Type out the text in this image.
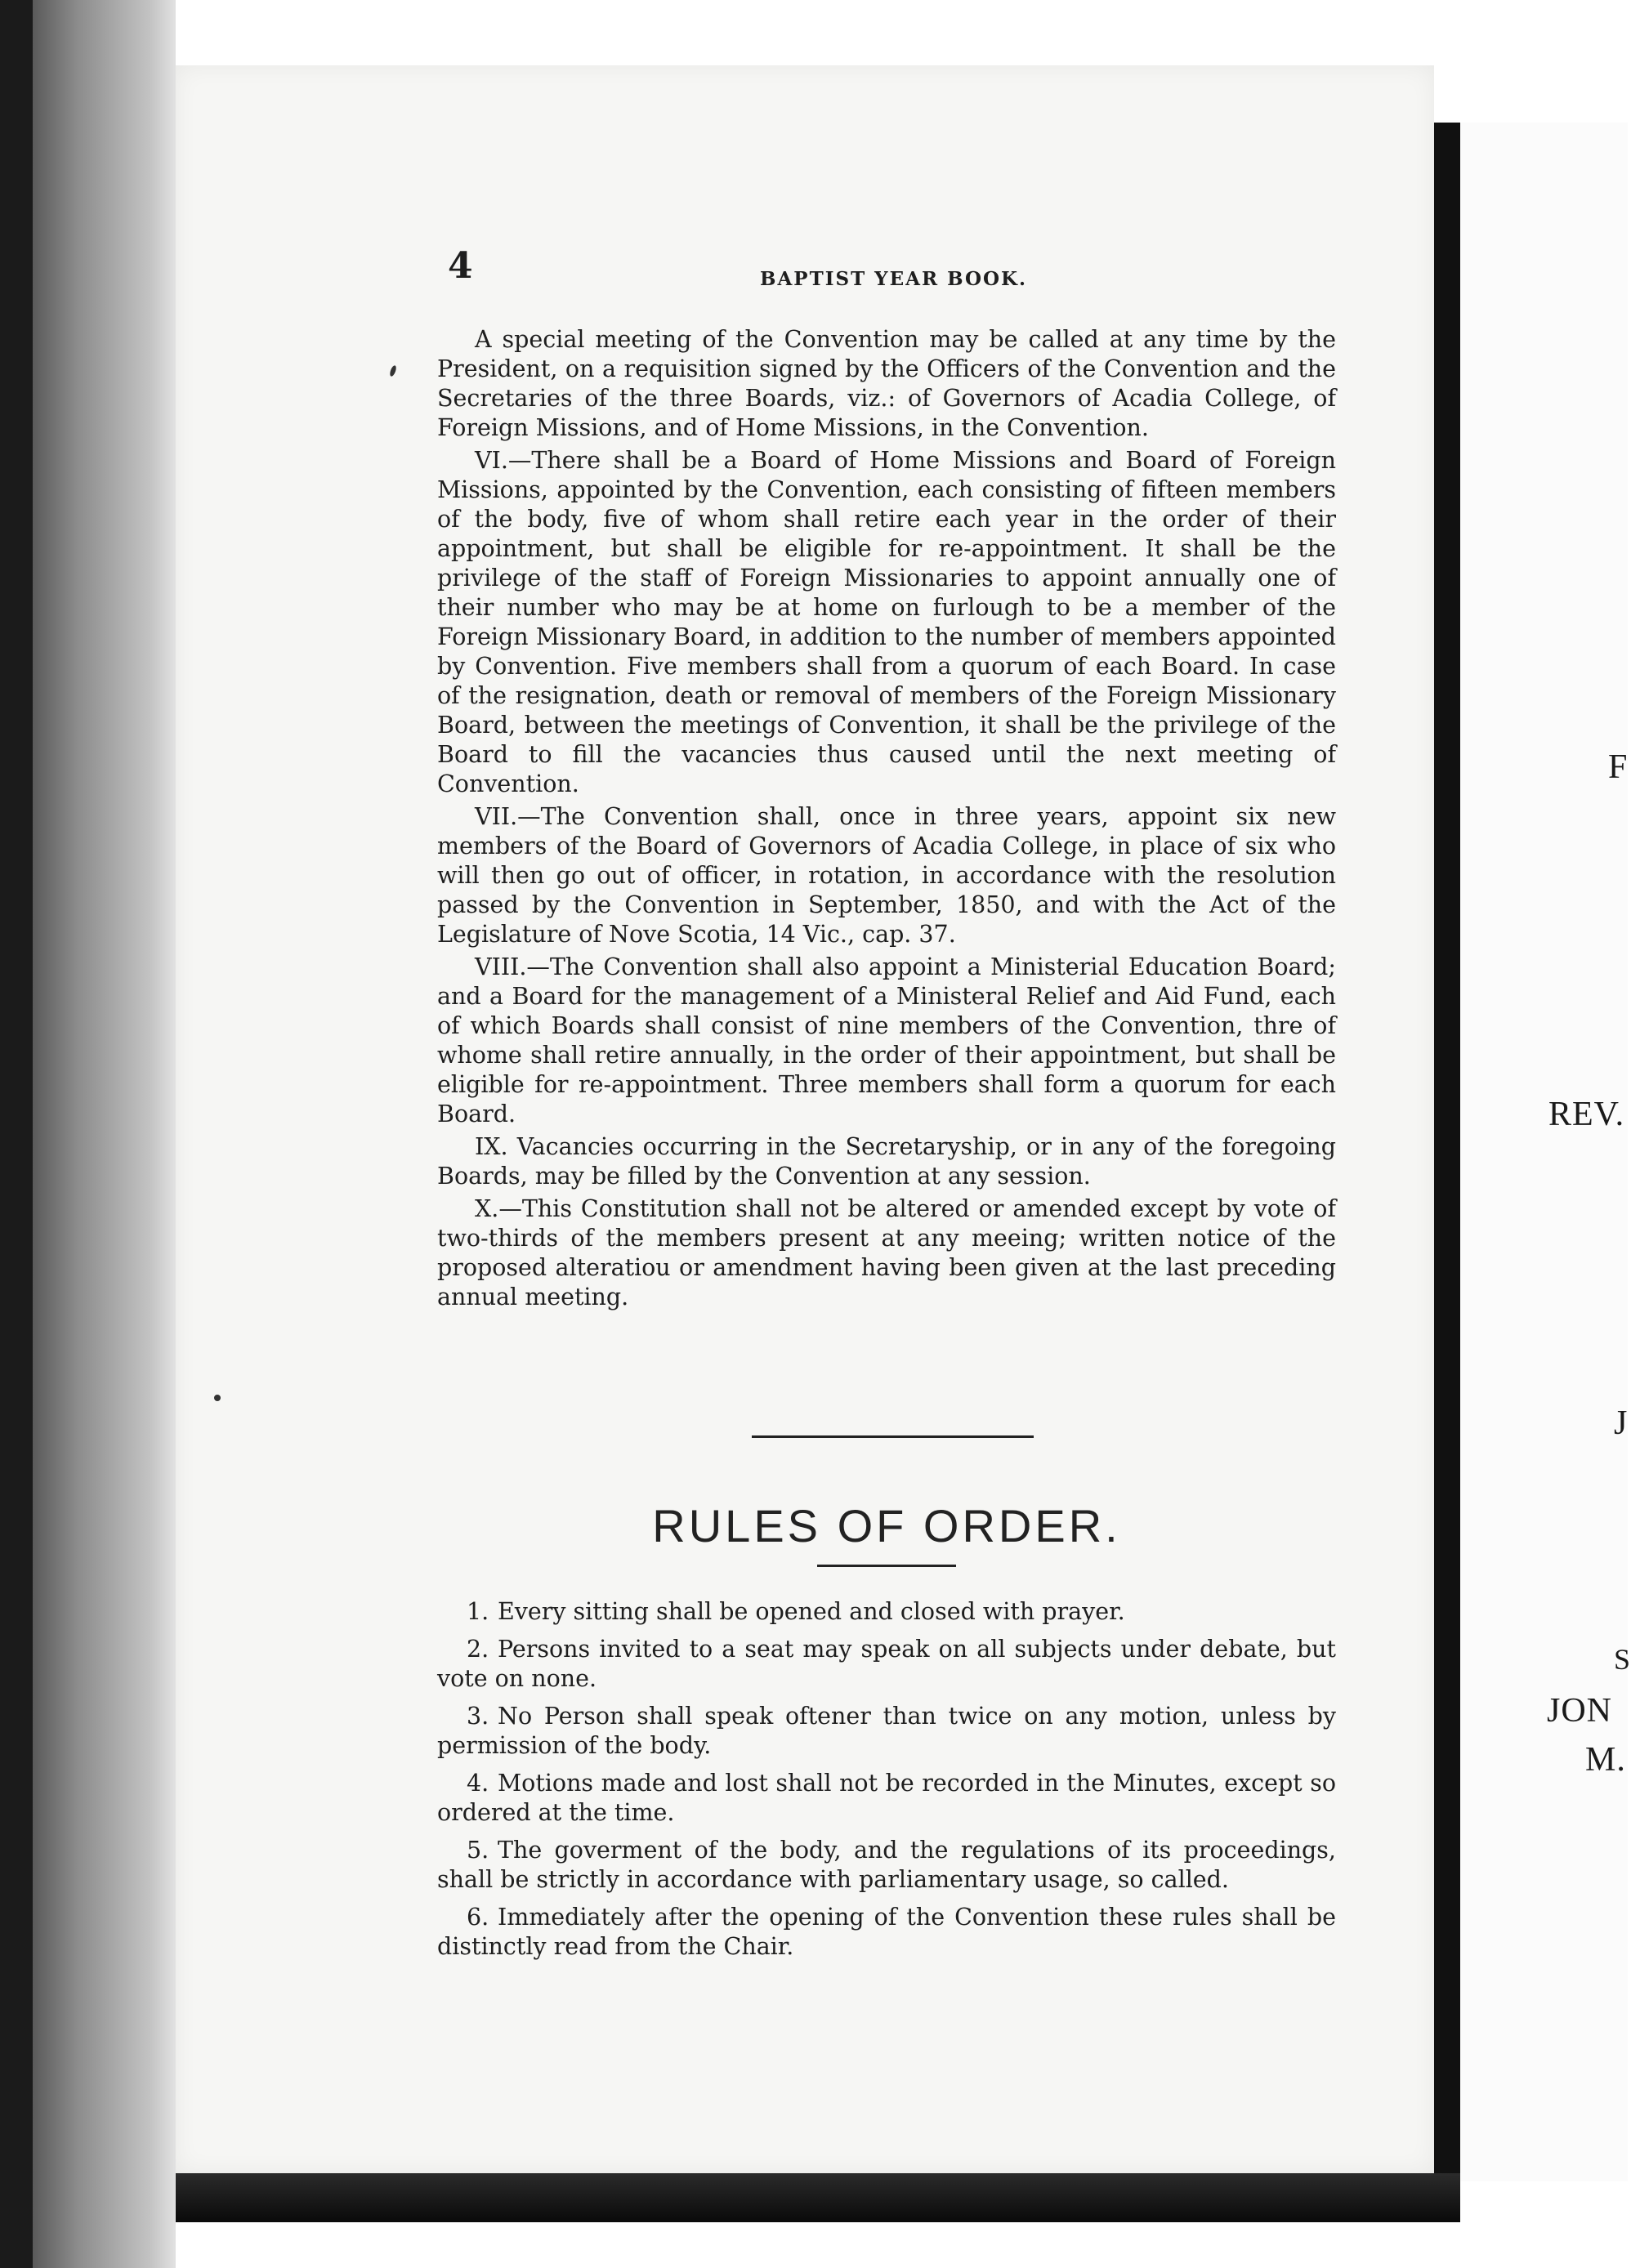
F
REV.
J
S
JON
M.
4	BAPTIST YEAR BOOK.

A special meeting of the Convention may be called at any time by the President, on a requisition signed by the Officers of the Convention and the Secretaries of the three Boards, viz.: of Governors of Acadia College, of Foreign Missions, and of Home Missions, in the Convention.

VI.—There shall be a Board of Home Missions and Board of Foreign Missions, appointed by the Convention, each consisting of fifteen members of the body, five of whom shall retire each year in the order of their appointment, but shall be eligible for re-appointment. It shall be the privilege of the staff of Foreign Missionaries to appoint annually one of their number who may be at home on furlough to be a member of the Foreign Missionary Board, in addition to the number of members appointed by Convention. Five members shall from a quorum of each Board. In case of the resignation, death or removal of members of the Foreign Missionary Board, between the meetings of Convention, it shall be the privilege of the Board to fill the vacancies thus caused until the next meeting of Convention.

VII.—The Convention shall, once in three years, appoint six new members of the Board of Governors of Acadia College, in place of six who will then go out of officer, in rotation, in accordance with the resolution passed by the Convention in September, 1850, and with the Act of the Legislature of Nove Scotia, 14 Vic., cap. 37.

VIII.—The Convention shall also appoint a Ministerial Education Board; and a Board for the management of a Ministeral Relief and Aid Fund, each of which Boards shall consist of nine members of the Convention, thre of whome shall retire annually, in the order of their appointment, but shall be eligible for re-appointment. Three members shall form a quorum for each Board.

IX. Vacancies occurring in the Secretaryship, or in any of the foregoing Boards, may be filled by the Convention at any session.

X.—This Constitution shall not be altered or amended except by vote of two-thirds of the members present at any meeing; written notice of the proposed alteratiou or amendment having been given at the last preceding annual meeting.

RULES OF ORDER.

1. Every sitting shall be opened and closed with prayer.

2. Persons invited to a seat may speak on all subjects under debate, but vote on none.

3. No Person shall speak oftener than twice on any motion, unless by permission of the body.

4. Motions made and lost shall not be recorded in the Minutes, except so ordered at the time.

5. The goverment of the body, and the regulations of its proceedings, shall be strictly in accordance with parliamentary usage, so called.

6. Immediately after the opening of the Convention these rules shall be distinctly read from the Chair.
